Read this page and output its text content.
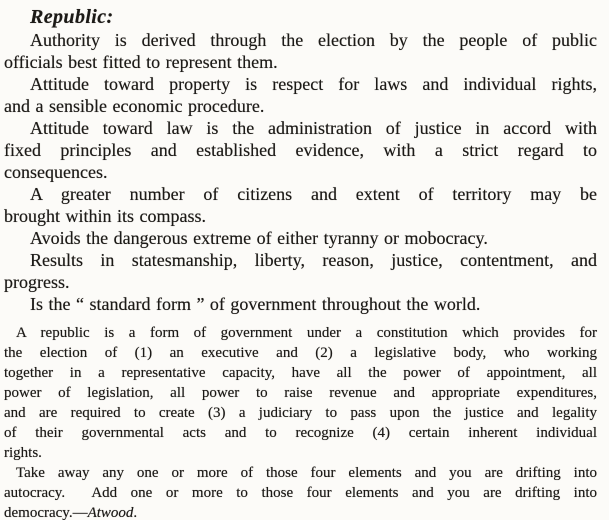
Republic:
Authority is derived through the election by the people of public
officials best fitted to represent them.
Attitude toward property is respect for laws and individual rights,
and a sensible economic procedure.
Attitude toward law is the administration of justice in accord with
fixed principles and established evidence, with a strict regard to
consequences.
A greater number of citizens and extent of territory may be
brought within its compass.
Avoids the dangerous extreme of either tyranny or mobocracy.
Results in statesmanship, liberty, reason, justice, contentment, and
progress.
Is the “ standard form ” of government throughout the world.
A republic is a form of government under a constitution which provides for
the election of (1) an executive and (2) a legislative body, who working
together in a representative capacity, have all the power of appointment, all
power of legislation, all power to raise revenue and appropriate expenditures,
and are required to create (3) a judiciary to pass upon the justice and legality
of their governmental acts and to recognize (4) certain inherent individual
rights.
Take away any one or more of those four elements and you are drifting into
autocracy.  Add one or more to those four elements and you are drifting into
democracy.—Atwood.
